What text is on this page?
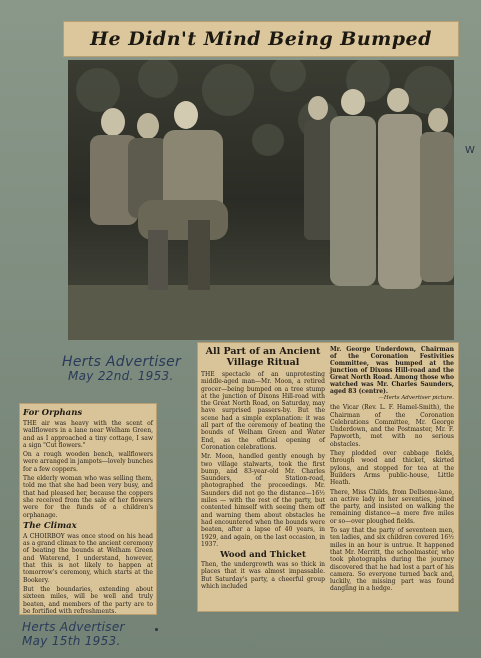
He Didn't Mind Being Bumped
W
Herts Advertiser
May 22nd. 1953.
For Orphans

THE air was heavy with the scent of wallflowers in a lane near Welham Green, and as I approached a tiny cottage, I saw a sign "Cut flowers."

On a rough wooden bench, wallflowers were arranged in jampots—lovely bunches for a few coppers.

The elderly woman who was selling them, told me that she had been very busy, and that had pleased her, because the coppers she received from the sale of her flowers were for the funds of a children's orphanage.

The Climax

A CHOIRBOY was once stood on his head as a grand climax to the ancient ceremony of beating the bounds at Welham Green and Waterend, I understand, however, that this is not likely to happen at tomorrow's ceremony, which starts at the Bookery.

But the boundaries, extending about sixteen miles, will be well and truly beaten, and members of the party are to be fortified with refreshments.

Herts Advertiser
May 15th 1953.
All Part of an Ancient Village Ritual

THE spectacle of an unprotesting middle-aged man—Mr. Moon, a retired grocer—being bumped on a tree stump at the junction of Dixons Hill-road with the Great North Road, on Saturday, may have surprised passers-by. But the scene had a simple explanation: it was all part of the ceremony of beating the bounds of Welham Green and Water End, as the official opening of Coronation celebrations.

Mr. Moon, handled gently enough by two village stalwarts, took the first bump, and 83-year-old Mr. Charles Saunders, of Station-road, photographed the proceedings. Mr. Saunders did not go the distance—16½ miles — with the rest of the party, but contented himself with seeing them off and warning them about obstacles he had encountered when the bounds were beaten, after a lapse of 40 years, in 1929, and again, on the last occasion, in 1937.

Wood and Thicket

Then, the undergrowth was so thick in places that it was almost impassable. But Saturday's party, a cheerful group which included

Mr. George Underdown, Chairman of the Coronation Festivities Committee, was bumped at the junction of Dixons Hill-road and the Great North Road. Among those who watched was Mr. Charles Saunders, aged 83 (centre).
—Herts Advertiser picture.

the Vicar (Rev. L. F. Hamel-Smith), the Chairman of the Coronation Celebrations Committee, Mr. George Underdown, and the Postmaster, Mr. F. Papworth, met with no serious obstacles.

They plodded over cabbage fields, through wood and thicket, skirted pylons, and stopped for tea at the Builders Arms public-house, Little Heath.

There, Miss Childs, from Dellsome-lane, an active lady in her seventies, joined the party, and insisted on walking the remaining distance—a mere five miles or so—over ploughed fields.

To say that the party of seventeen men, ten ladies, and six children covered 16½ miles in an hour is untrue. It happened that Mr. Merritt, the schoolmaster, who took photographs during the journey discovered that he had lost a part of his camera. So everyone turned back and, luckily, the missing part was found dangling in a hedge.
